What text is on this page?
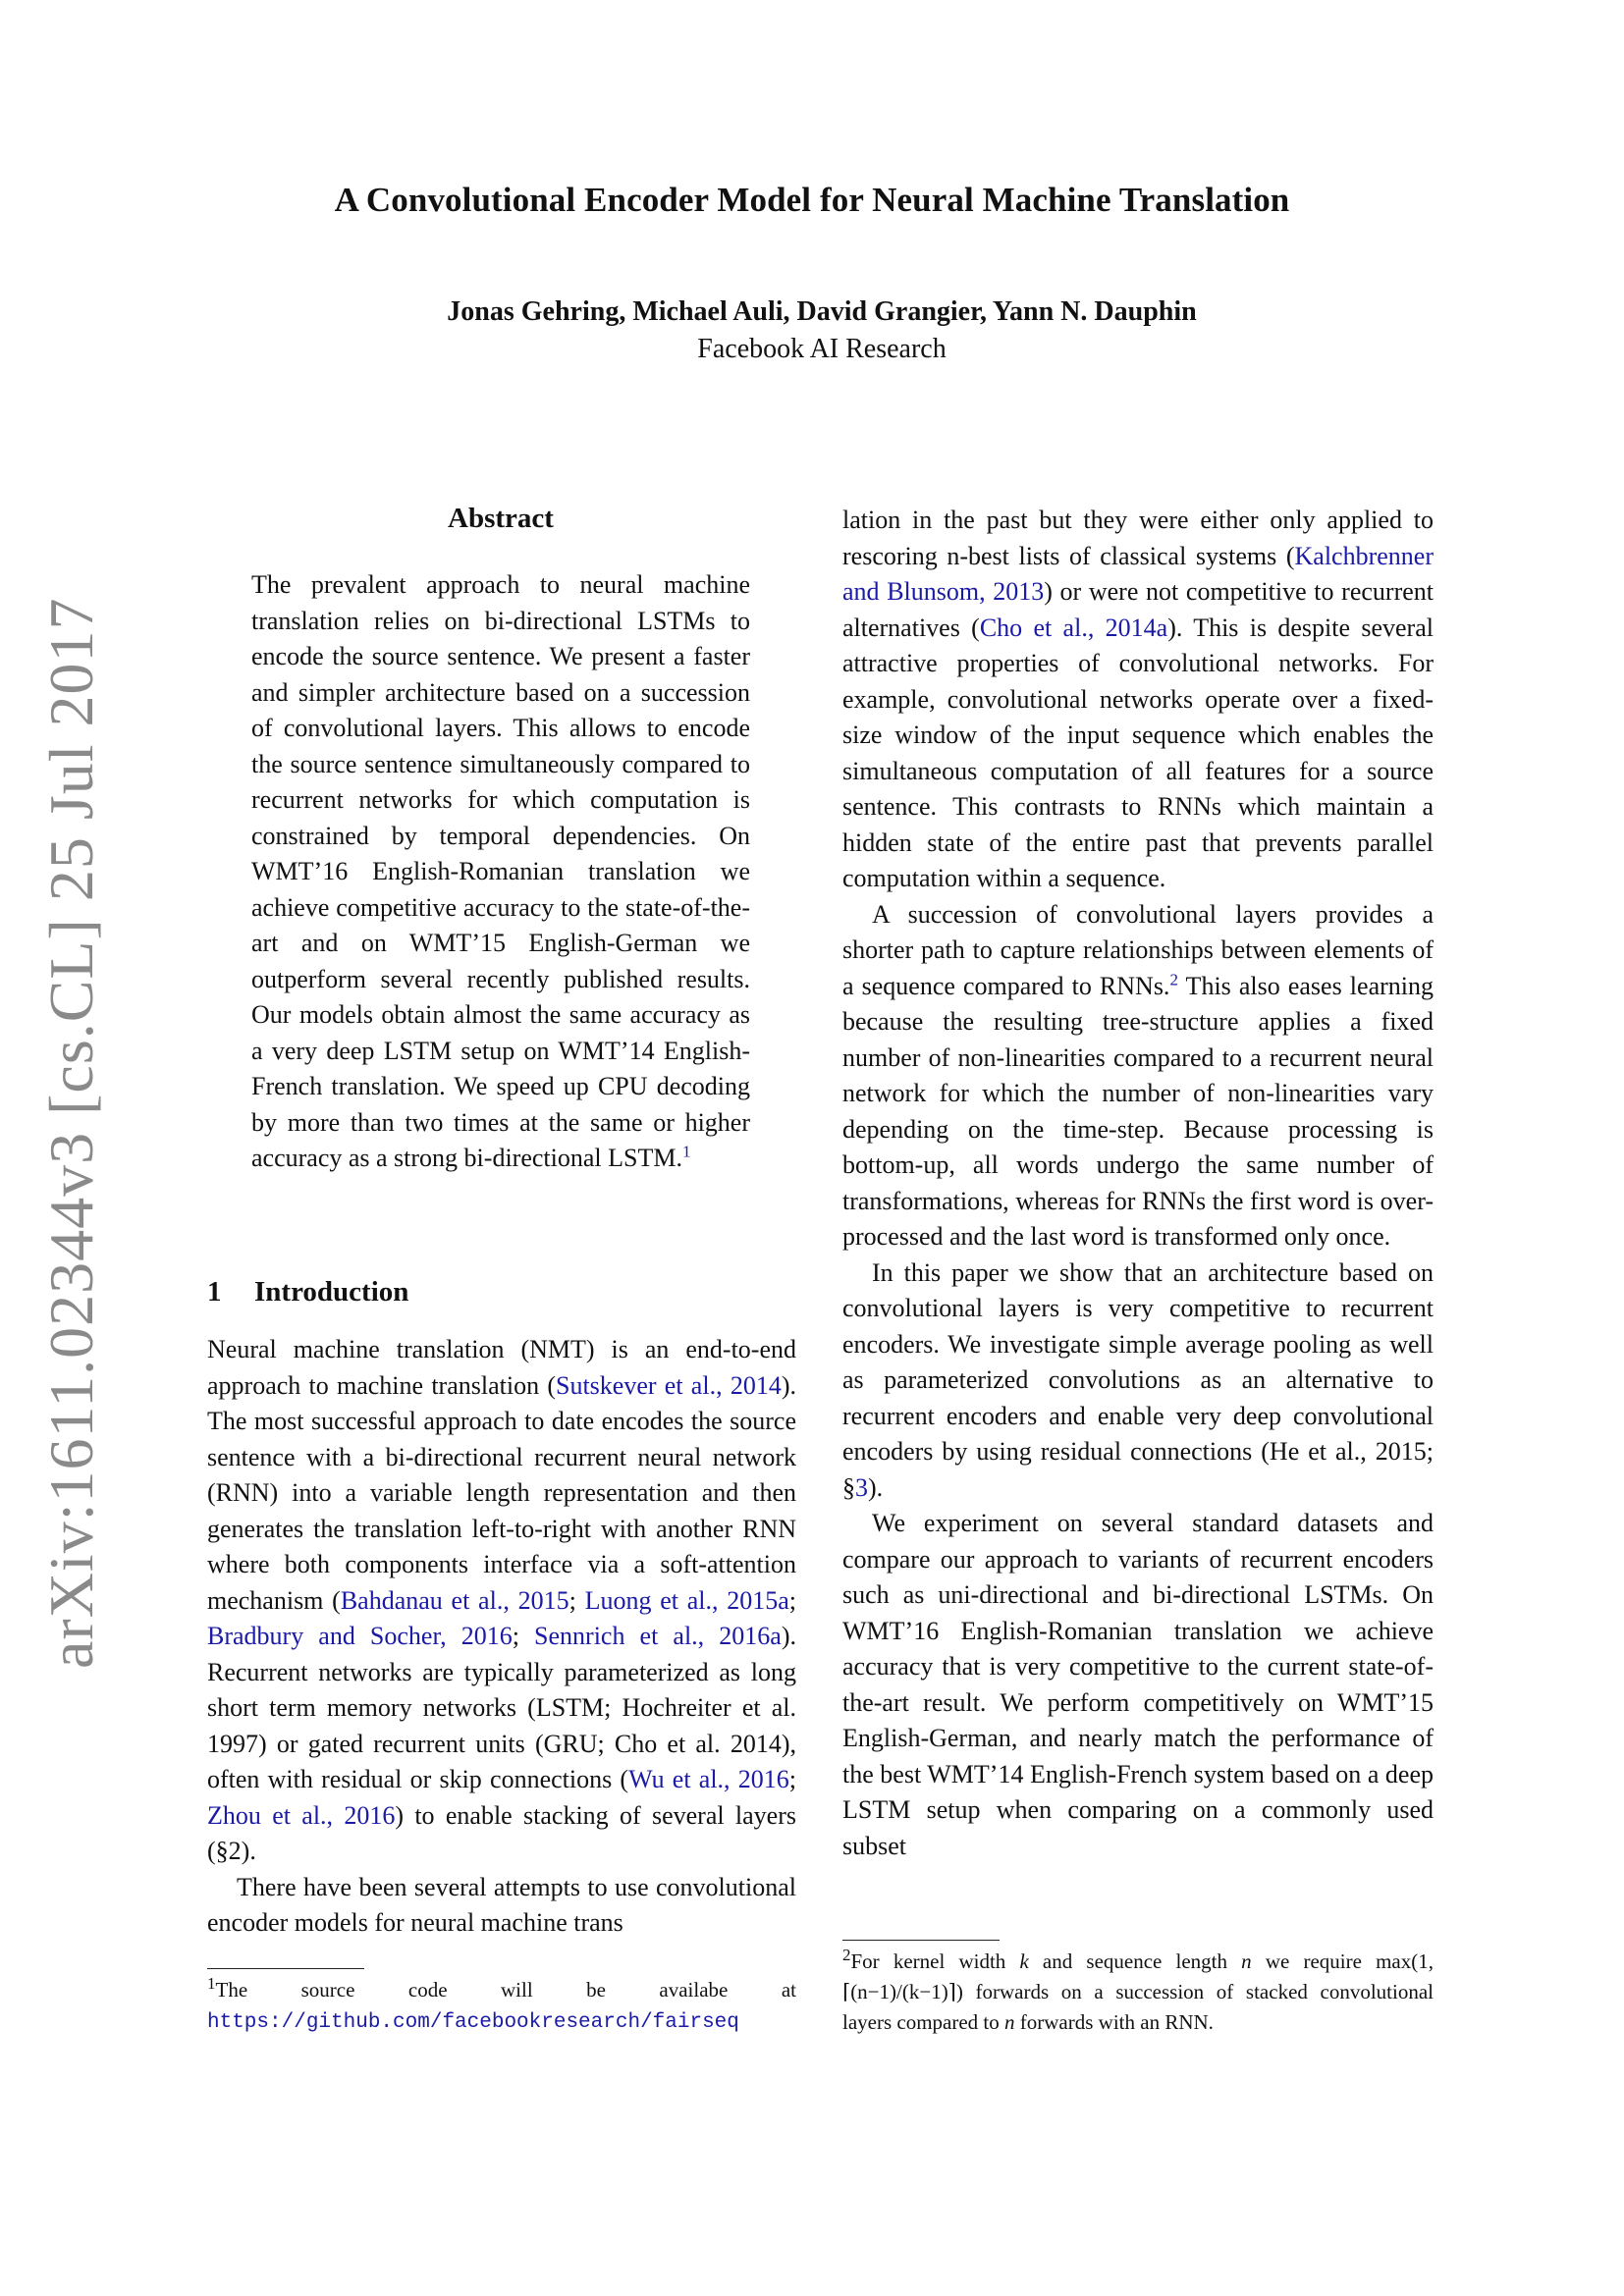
A Convolutional Encoder Model for Neural Machine Translation
Jonas Gehring, Michael Auli, David Grangier, Yann N. Dauphin
Facebook AI Research
arXiv:1611.02344v3 [cs.CL] 25 Jul 2017
Abstract
The prevalent approach to neural machine translation relies on bi-directional LSTMs to encode the source sentence. We present a faster and simpler architecture based on a succession of convolutional layers. This allows to encode the source sentence simultaneously compared to recurrent networks for which computation is constrained by temporal dependencies. On WMT’16 English-Romanian translation we achieve competitive accuracy to the state-of-the-art and on WMT’15 English-German we outperform several recently published results. Our models obtain almost the same accuracy as a very deep LSTM setup on WMT’14 English-French translation. We speed up CPU decoding by more than two times at the same or higher accuracy as a strong bi-directional LSTM.$^1$
1 Introduction

Neural machine translation (NMT) is an end-to-end approach to machine translation (Sutskever et al., 2014). The most successful approach to date encodes the source sentence with a bi-directional recurrent neural network (RNN) into a variable length representation and then generates the translation left-to-right with another RNN where both components interface via a soft-attention mechanism (Bahdanau et al., 2015; Luong et al., 2015a; Bradbury and Socher, 2016; Sennrich et al., 2016a). Recurrent networks are typically parameterized as long short term memory networks (LSTM; Hochreiter et al. 1997) or gated recurrent units (GRU; Cho et al. 2014), often with residual or skip connections (Wu et al., 2016; Zhou et al., 2016) to enable stacking of several layers (§2).

There have been several attempts to use convolutional encoder models for neural machine trans

lation in the past but they were either only applied to rescoring n-best lists of classical systems (Kalchbrenner and Blunsom, 2013) or were not competitive to recurrent alternatives (Cho et al., 2014a). This is despite several attractive properties of convolutional networks. For example, convolutional networks operate over a fixed-size window of the input sequence which enables the simultaneous computation of all features for a source sentence. This contrasts to RNNs which maintain a hidden state of the entire past that prevents parallel computation within a sequence.

A succession of convolutional layers provides a shorter path to capture relationships between elements of a sequence compared to RNNs.$^2$ This also eases learning because the resulting tree-structure applies a fixed number of non-linearities compared to a recurrent neural network for which the number of non-linearities vary depending on the time-step. Because processing is bottom-up, all words undergo the same number of transformations, whereas for RNNs the first word is over-processed and the last word is transformed only once.

In this paper we show that an architecture based on convolutional layers is very competitive to recurrent encoders. We investigate simple average pooling as well as parameterized convolutions as an alternative to recurrent encoders and enable very deep convolutional encoders by using residual connections (He et al., 2015; §3).

We experiment on several standard datasets and compare our approach to variants of recurrent encoders such as uni-directional and bi-directional LSTMs. On WMT’16 English-Romanian translation we achieve accuracy that is very competitive to the current state-of-the-art result. We perform competitively on WMT’15 English-German, and nearly match the performance of the best WMT’14 English-French system based on a deep LSTM setup when comparing on a commonly used subset

$^1$The source code will be availabe at https://github.com/facebookresearch/fairseq
$^2$For kernel width k and sequence length n we require max(1, ⌈(n−1)/(k−1)⌉) forwards on a succession of stacked convolutional layers compared to n forwards with an RNN.
